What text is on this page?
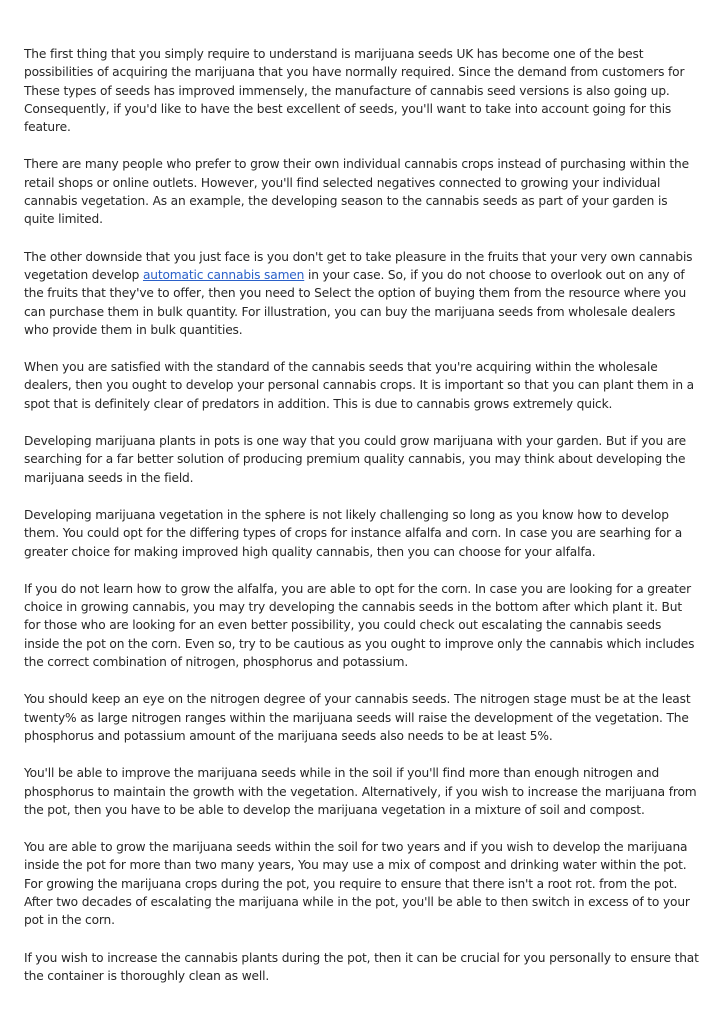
The first thing that you simply require to understand is marijuana seeds UK has become one of the best possibilities of acquiring the marijuana that you have normally required. Since the demand from customers for These types of seeds has improved immensely, the manufacture of cannabis seed versions is also going up. Consequently, if you'd like to have the best excellent of seeds, you'll want to take into account going for this feature.

There are many people who prefer to grow their own individual cannabis crops instead of purchasing within the retail shops or online outlets. However, you'll find selected negatives connected to growing your individual cannabis vegetation. As an example, the developing season to the cannabis seeds as part of your garden is quite limited.

The other downside that you just face is you don't get to take pleasure in the fruits that your very own cannabis vegetation develop automatic cannabis samen in your case. So, if you do not choose to overlook out on any of the fruits that they've to offer, then you need to Select the option of buying them from the resource where you can purchase them in bulk quantity. For illustration, you can buy the marijuana seeds from wholesale dealers who provide them in bulk quantities.

When you are satisfied with the standard of the cannabis seeds that you're acquiring within the wholesale dealers, then you ought to develop your personal cannabis crops. It is important so that you can plant them in a spot that is definitely clear of predators in addition. This is due to cannabis grows extremely quick.

Developing marijuana plants in pots is one way that you could grow marijuana with your garden. But if you are searching for a far better solution of producing premium quality cannabis, you may think about developing the marijuana seeds in the field.

Developing marijuana vegetation in the sphere is not likely challenging so long as you know how to develop them. You could opt for the differing types of crops for instance alfalfa and corn. In case you are searhing for a greater choice for making improved high quality cannabis, then you can choose for your alfalfa.

If you do not learn how to grow the alfalfa, you are able to opt for the corn. In case you are looking for a greater choice in growing cannabis, you may try developing the cannabis seeds in the bottom after which plant it. But for those who are looking for an even better possibility, you could check out escalating the cannabis seeds inside the pot on the corn. Even so, try to be cautious as you ought to improve only the cannabis which includes the correct combination of nitrogen, phosphorus and potassium.

You should keep an eye on the nitrogen degree of your cannabis seeds. The nitrogen stage must be at the least twenty% as large nitrogen ranges within the marijuana seeds will raise the development of the vegetation. The phosphorus and potassium amount of the marijuana seeds also needs to be at least 5%.

You'll be able to improve the marijuana seeds while in the soil if you'll find more than enough nitrogen and phosphorus to maintain the growth with the vegetation. Alternatively, if you wish to increase the marijuana from the pot, then you have to be able to develop the marijuana vegetation in a mixture of soil and compost.

You are able to grow the marijuana seeds within the soil for two years and if you wish to develop the marijuana inside the pot for more than two many years, You may use a mix of compost and drinking water within the pot. For growing the marijuana crops during the pot, you require to ensure that there isn't a root rot. from the pot. After two decades of escalating the marijuana while in the pot, you'll be able to then switch in excess of to your pot in the corn.

If you wish to increase the cannabis plants during the pot, then it can be crucial for you personally to ensure that the container is thoroughly clean as well.
